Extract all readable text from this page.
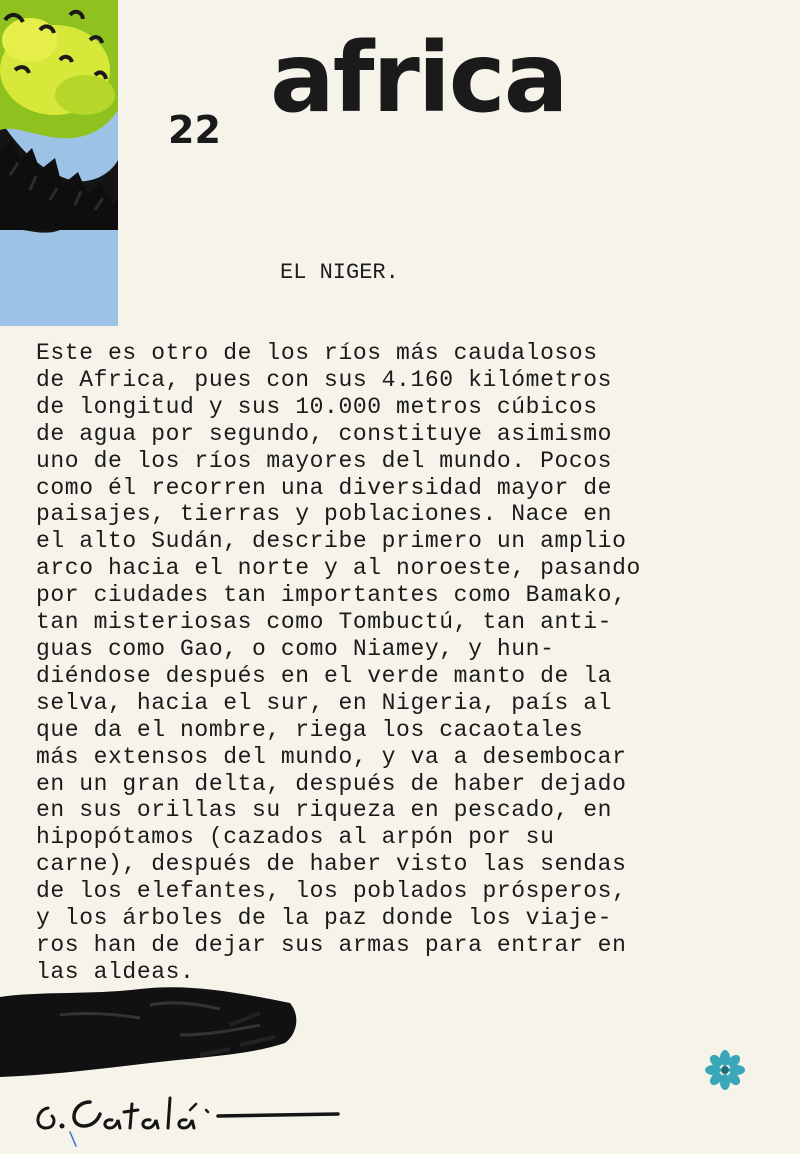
africa
22
EL NIGER.
Este es otro de los ríos más caudalosos
de Africa, pues con sus 4.160 kilómetros
de longitud y sus 10.000 metros cúbicos
de agua por segundo, constituye asimismo
uno de los ríos mayores del mundo. Pocos
como él recorren una diversidad mayor de
paisajes, tierras y poblaciones. Nace en
el alto Sudán, describe primero un amplio
arco hacia el norte y al noroeste, pasando
por ciudades tan importantes como Bamako,
tan misteriosas como Tombuctú, tan anti-
guas como Gao, o como Niamey, y hun-
diéndose después en el verde manto de la
selva, hacia el sur, en Nigeria, país al
que da el nombre, riega los cacaotales
más extensos del mundo, y va a desembocar
en un gran delta, después de haber dejado
en sus orillas su riqueza en pescado, en
hipopótamos (cazados al arpón por su
carne), después de haber visto las sendas
de los elefantes, los poblados prósperos,
y los árboles de la paz donde los viaje-
ros han de dejar sus armas para entrar en
las aldeas.
